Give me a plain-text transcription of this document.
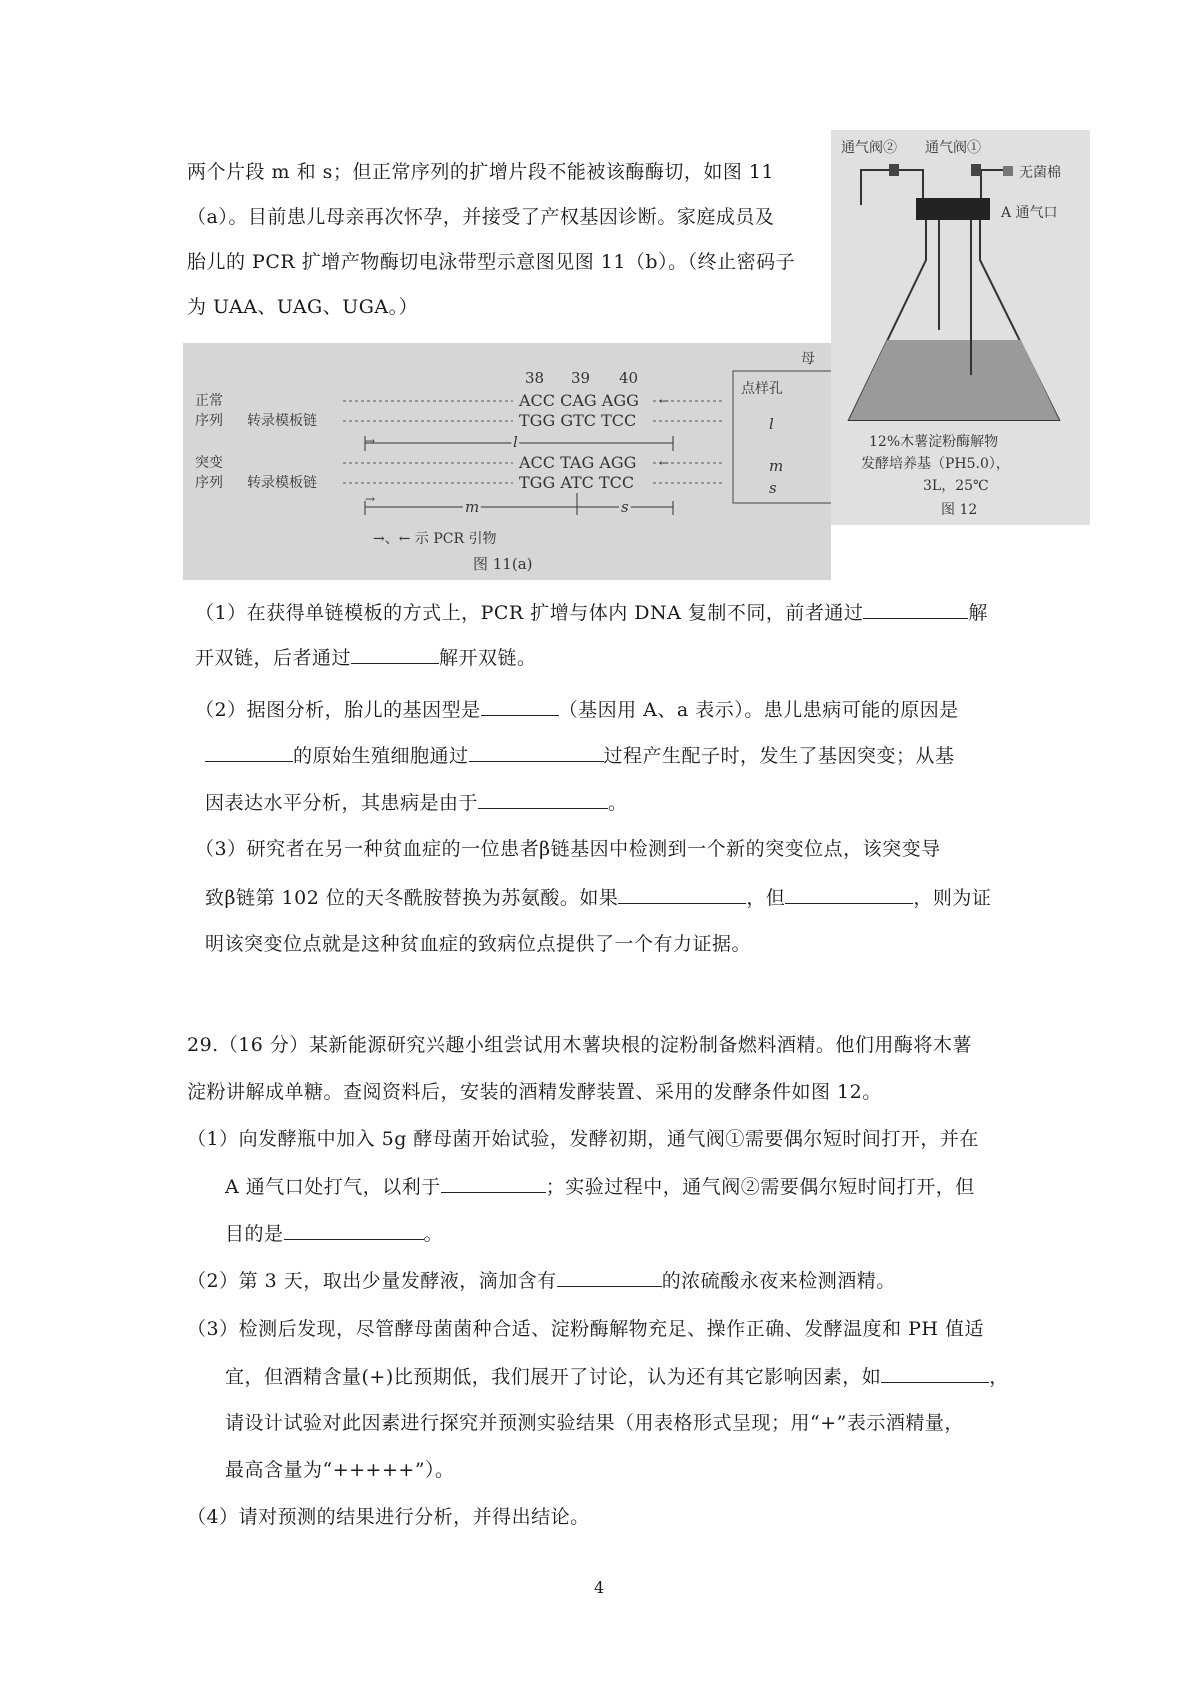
两个片段 m 和 s；但正常序列的扩增片段不能被该酶酶切，如图 11
（a）。目前患儿母亲再次怀孕，并接受了产权基因诊断。家庭成员及
胎儿的 PCR 扩增产物酶切电泳带型示意图见图 11（b）。（终止密码子
为 UAA、UAG、UGA。）
38 39 40
正常
序列 转录模板链
ACC CAG AGG
TGG GTC TCC
←
→	l
突变
序列 转录模板链
ACC TAG AGG
TGG ATC TCC
←
→	m	s
→、← 示 PCR 引物
图 11(a)
母
点样孔
l
m
s
通气阀② 通气阀①
无菌棉
A 通气口
12%木薯淀粉酶解物
发酵培养基（PH5.0），
3L，25℃
图 12
（1）在获得单链模板的方式上，PCR 扩增与体内 DNA 复制不同，前者通过	解
开双链，后者通过	解开双链。
（2）据图分析，胎儿的基因型是	（基因用 A、a 表示）。患儿患病可能的原因是
的原始生殖细胞通过	过程产生配子时，发生了基因突变；从基
因表达水平分析，其患病是由于	。
（3）研究者在另一种贫血症的一位患者β链基因中检测到一个新的突变位点，该突变导
致β链第 102 位的天冬酰胺替换为苏氨酸。如果	，但	，则为证
明该突变位点就是这种贫血症的致病位点提供了一个有力证据。
29.（16 分）某新能源研究兴趣小组尝试用木薯块根的淀粉制备燃料酒精。他们用酶将木薯
淀粉讲解成单糖。查阅资料后，安装的酒精发酵装置、采用的发酵条件如图 12。
（1）向发酵瓶中加入 5g 酵母菌开始试验，发酵初期，通气阀①需要偶尔短时间打开，并在
A 通气口处打气，以利于	；实验过程中，通气阀②需要偶尔短时间打开，但
目的是	。
（2）第 3 天，取出少量发酵液，滴加含有	的浓硫酸永夜来检测酒精。
（3）检测后发现，尽管酵母菌菌种合适、淀粉酶解物充足、操作正确、发酵温度和 PH 值适
宜，但酒精含量(+)比预期低，我们展开了讨论，认为还有其它影响因素，如	，
请设计试验对此因素进行探究并预测实验结果（用表格形式呈现；用“+”表示酒精量，
最高含量为“+++++”）。
（4）请对预测的结果进行分析，并得出结论。
4
